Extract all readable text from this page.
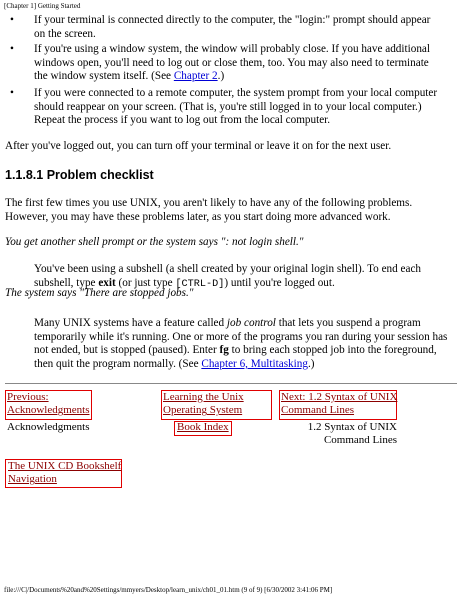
[Chapter 1] Getting Started
• If your terminal is connected directly to the computer, the "login:" prompt should appear on the screen.
• If you're using a window system, the window will probably close. If you have additional windows open, you'll need to log out or close them, too. You may also need to terminate the window system itself. (See Chapter 2.)
• If you were connected to a remote computer, the system prompt from your local computer should reappear on your screen. (That is, you're still logged in to your local computer.) Repeat the process if you want to log out from the local computer.
After you've logged out, you can turn off your terminal or leave it on for the next user.
1.1.8.1 Problem checklist
The first few times you use UNIX, you aren't likely to have any of the following problems. However, you may have these problems later, as you start doing more advanced work.
You get another shell prompt or the system says ": not login shell."
You've been using a subshell (a shell created by your original login shell). To end each subshell, type exit (or just type [CTRL-D]) until you're logged out.
The system says "There are stopped jobs."
Many UNIX systems have a feature called job control that lets you suspend a program temporarily while it's running. One or more of the programs you ran during your session has not ended, but is stopped (paused). Enter fg to bring each stopped job into the foreground, then quit the program normally. (See Chapter 6, Multitasking.)
Previous:
Acknowledgments
Learning the Unix
Operating System
Next: 1.2 Syntax of UNIX
Command Lines
Acknowledgments	Book Index	1.2 Syntax of UNIX
Command Lines
The UNIX CD Bookshelf
Navigation
file:///C|/Documents%20and%20Settings/mmyers/Desktop/learn_unix/ch01_01.htm (9 of 9) [6/30/2002 3:41:06 PM]
